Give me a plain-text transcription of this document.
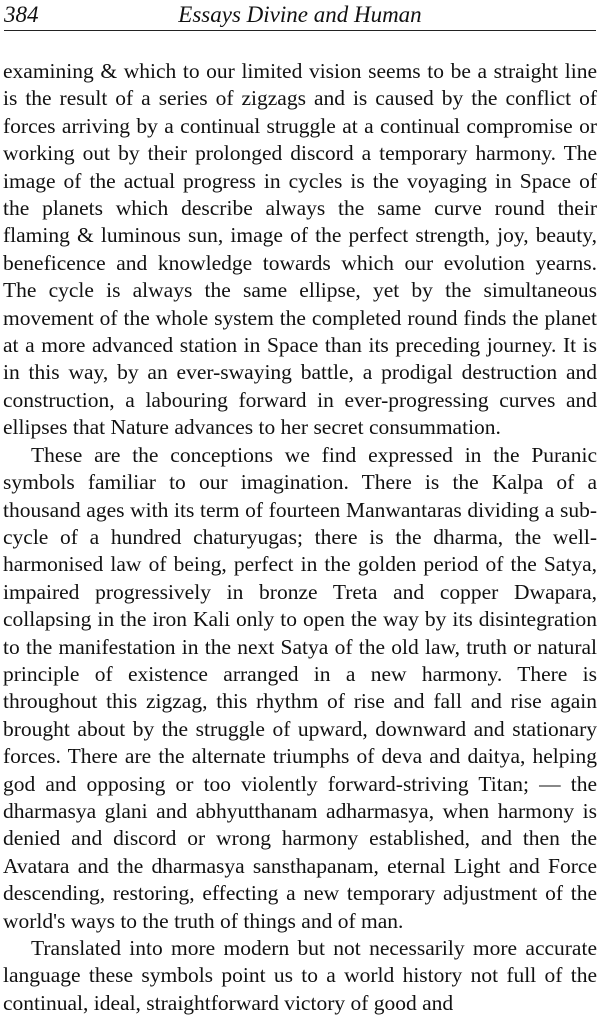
384	Essays Divine and Human

examining & which to our limited vision seems to be a straight line is the result of a series of zigzags and is caused by the conflict of forces arriving by a continual struggle at a continual compromise or working out by their prolonged discord a temporary harmony. The image of the actual progress in cycles is the voyaging in Space of the planets which describe always the same curve round their flaming & luminous sun, image of the perfect strength, joy, beauty, beneficence and knowledge towards which our evolution yearns. The cycle is always the same ellipse, yet by the simultaneous movement of the whole system the completed round finds the planet at a more advanced station in Space than its preceding journey. It is in this way, by an ever-swaying battle, a prodigal destruction and construction, a labouring forward in ever-progressing curves and ellipses that Nature advances to her secret consummation.

These are the conceptions we find expressed in the Puranic symbols familiar to our imagination. There is the Kalpa of a thousand ages with its term of fourteen Manwantaras dividing a sub-cycle of a hundred chaturyugas; there is the dharma, the well-harmonised law of being, perfect in the golden period of the Satya, impaired progressively in bronze Treta and copper Dwapara, collapsing in the iron Kali only to open the way by its disintegration to the manifestation in the next Satya of the old law, truth or natural principle of existence arranged in a new harmony. There is throughout this zigzag, this rhythm of rise and fall and rise again brought about by the struggle of upward, downward and stationary forces. There are the alternate triumphs of deva and daitya, helping god and opposing or too violently forward-striving Titan; — the dharmasya glani and abhyutthanam adharmasya, when harmony is denied and discord or wrong harmony established, and then the Avatara and the dharmasya sansthapanam, eternal Light and Force descending, restoring, effecting a new temporary adjustment of the world's ways to the truth of things and of man.

Translated into more modern but not necessarily more accurate language these symbols point us to a world history not full of the continual, ideal, straightforward victory of good and
